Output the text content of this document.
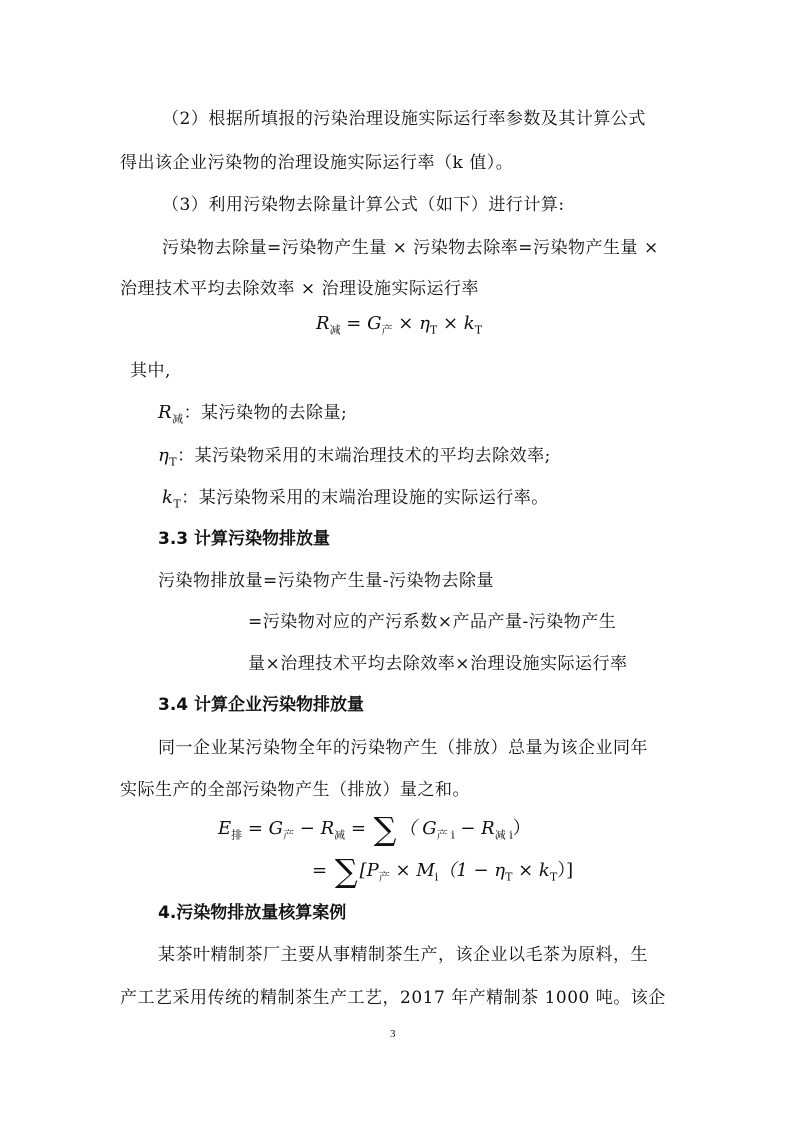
（2）根据所填报的污染治理设施实际运行率参数及其计算公式
得出该企业污染物的治理设施实际运行率（k 值）。
（3）利用污染物去除量计算公式（如下）进行计算:
污染物去除量=污染物产生量 × 污染物去除率=污染物产生量 ×
治理技术平均去除效率 × 治理设施实际运行率
$R_减 = G_产 \times \eta_T \times k_T$
其中,
$R_减$：某污染物的去除量;
$\eta_T$：某污染物采用的末端治理技术的平均去除效率;
$k_T$：某污染物采用的末端治理设施的实际运行率。
3.3 计算污染物排放量
污染物排放量=污染物产生量-污染物去除量
=污染物对应的产污系数×产品产量-污染物产生
量×治理技术平均去除效率×治理设施实际运行率
3.4 计算企业污染物排放量
同一企业某污染物全年的污染物产生（排放）总量为该企业同年
实际生产的全部污染物产生（排放）量之和。
$E_排 = G_产 - R_减$ = ∑ （ $G_{产 i} - R_{减 i}$）
= ∑ $[P_产 \times M_i(1 - \eta_T \times k_T)]$
4.污染物排放量核算案例
某茶叶精制茶厂主要从事精制茶生产，该企业以毛茶为原料，生
产工艺采用传统的精制茶生产工艺，2017 年产精制茶 1000 吨。该企
3
